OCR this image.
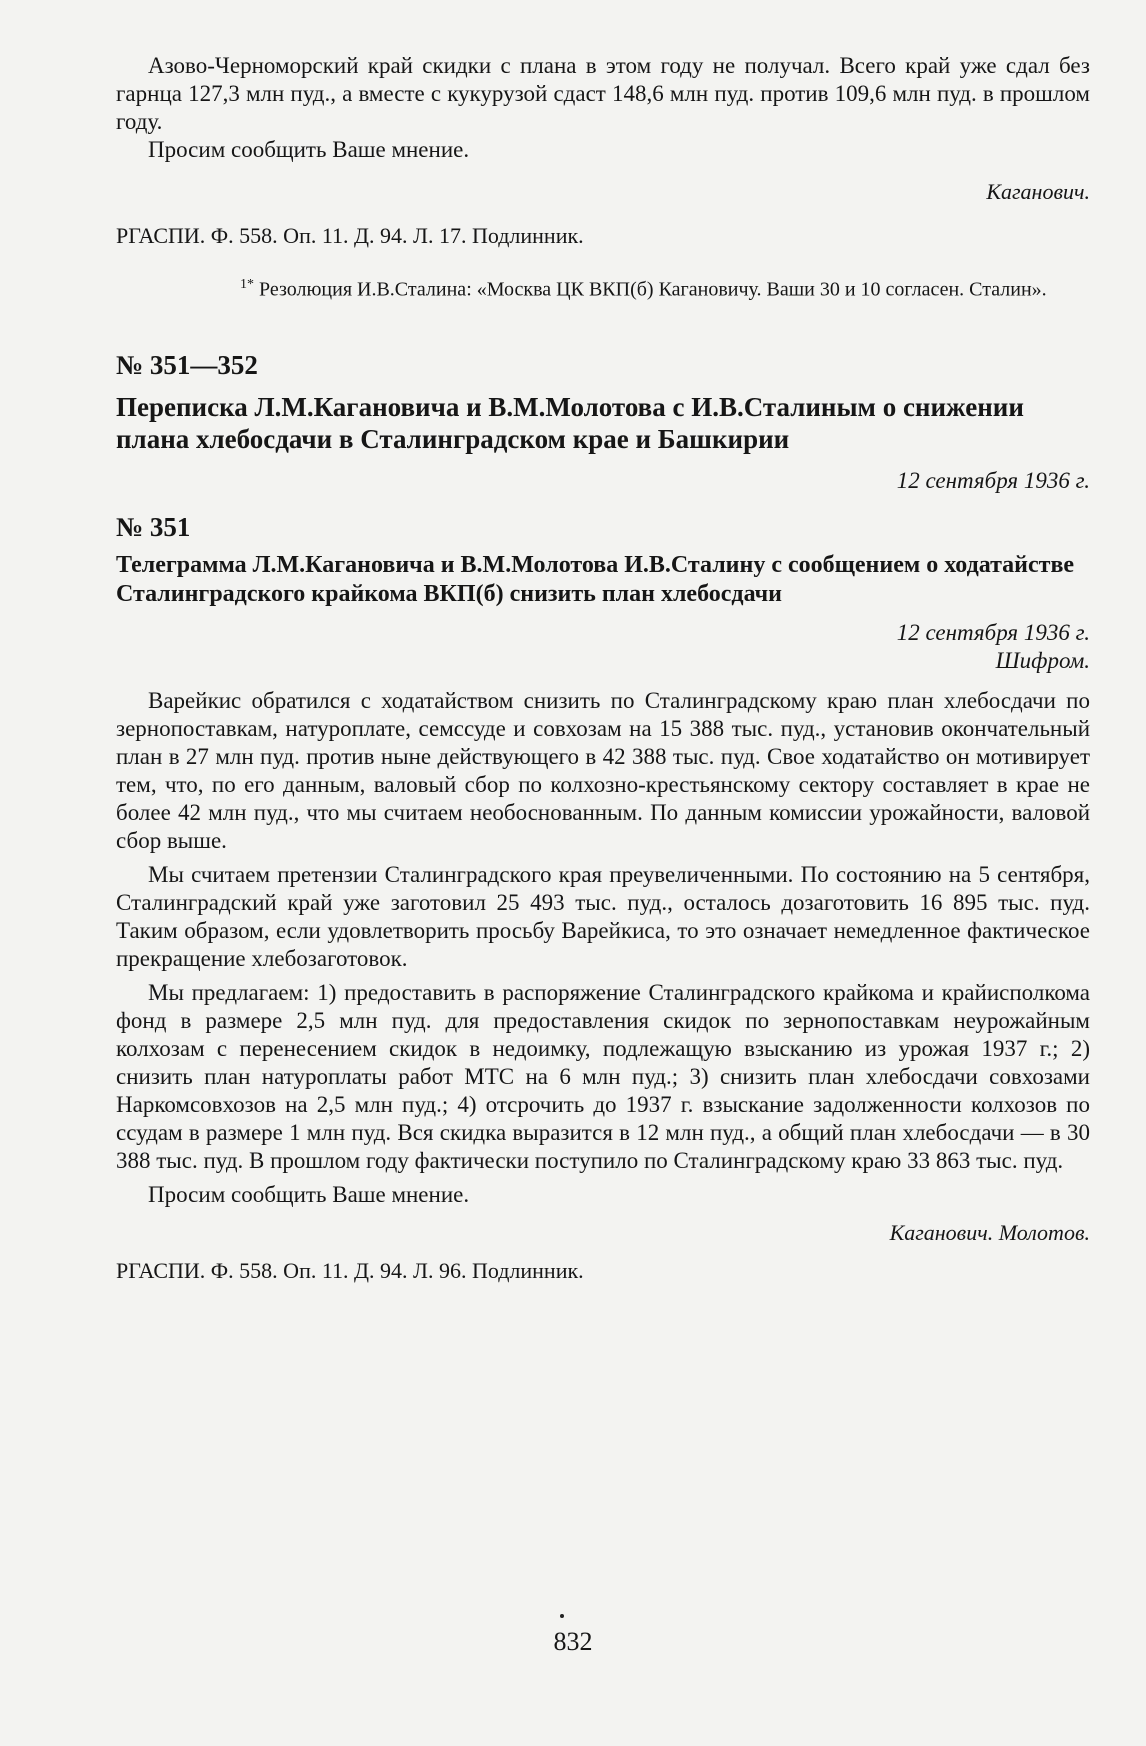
Азово-Черноморский край скидки с плана в этом году не получал. Всего край уже сдал без гарнца 127,3 млн пуд., а вместе с кукурузой сдаст 148,6 млн пуд. против 109,6 млн пуд. в прошлом году.

Просим сообщить Ваше мнение.

Каганович.

РГАСПИ. Ф. 558. Оп. 11. Д. 94. Л. 17. Подлинник.

$^{1*}$ Резолюция И.В.Сталина: «Москва ЦК ВКП(б) Кагановичу. Ваши 30 и 10 согласен. Сталин».

№ 351—352

Переписка Л.М.Кагановича и В.М.Молотова с И.В.Сталиным о снижении плана хлебосдачи в Сталинградском крае и Башкирии

12 сентября 1936 г.

№ 351

Телеграмма Л.М.Кагановича и В.М.Молотова И.В.Сталину с сообщением о ходатайстве Сталинградского крайкома ВКП(б) снизить план хлебосдачи

12 сентября 1936 г.

Шифром.

Варейкис обратился с ходатайством снизить по Сталинградскому краю план хлебосдачи по зернопоставкам, натуроплате, семссуде и совхозам на 15 388 тыс. пуд., установив окончательный план в 27 млн пуд. против ныне действующего в 42 388 тыс. пуд. Свое ходатайство он мотивирует тем, что, по его данным, валовый сбор по колхозно-крестьянскому сектору составляет в крае не более 42 млн пуд., что мы считаем необоснованным. По данным комиссии урожайности, валовой сбор выше.

Мы считаем претензии Сталинградского края преувеличенными. По состоянию на 5 сентября, Сталинградский край уже заготовил 25 493 тыс. пуд., осталось дозаготовить 16 895 тыс. пуд. Таким образом, если удовлетворить просьбу Варейкиса, то это означает немедленное фактическое прекращение хлебозаготовок.

Мы предлагаем: 1) предоставить в распоряжение Сталинградского крайкома и крайисполкома фонд в размере 2,5 млн пуд. для предоставления скидок по зернопоставкам неурожайным колхозам с перенесением скидок в недоимку, подлежащую взысканию из урожая 1937 г.; 2) снизить план натуроплаты работ МТС на 6 млн пуд.; 3) снизить план хлебосдачи совхозами Наркомсовхозов на 2,5 млн пуд.; 4) отсрочить до 1937 г. взыскание задолженности колхозов по ссудам в размере 1 млн пуд. Вся скидка выразится в 12 млн пуд., а общий план хлебосдачи — в 30 388 тыс. пуд. В прошлом году фактически поступило по Сталинградскому краю 33 863 тыс. пуд.

Просим сообщить Ваше мнение.

Каганович. Молотов.

РГАСПИ. Ф. 558. Оп. 11. Д. 94. Л. 96. Подлинник.

832
